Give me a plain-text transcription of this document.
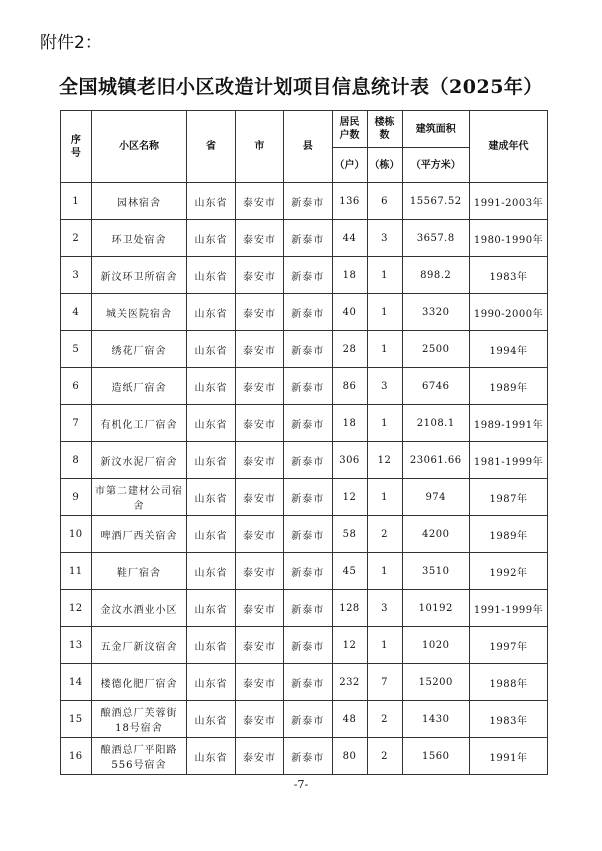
附件2：
全国城镇老旧小区改造计划项目信息统计表（2025年）
序号	小区名称	省	市	县	居民户数	楼栋数	建筑面积	建成年代
					（户）	（栋）	（平方米）	
1	园林宿舍	山东省	泰安市	新泰市	136	6	15567.52	1991-2003年
2	环卫处宿舍	山东省	泰安市	新泰市	44	3	3657.8	1980-1990年
3	新汶环卫所宿舍	山东省	泰安市	新泰市	18	1	898.2	1983年
4	城关医院宿舍	山东省	泰安市	新泰市	40	1	3320	1990-2000年
5	绣花厂宿舍	山东省	泰安市	新泰市	28	1	2500	1994年
6	造纸厂宿舍	山东省	泰安市	新泰市	86	3	6746	1989年
7	有机化工厂宿舍	山东省	泰安市	新泰市	18	1	2108.1	1989-1991年
8	新汶水泥厂宿舍	山东省	泰安市	新泰市	306	12	23061.66	1981-1999年
9	市第二建材公司宿舍	山东省	泰安市	新泰市	12	1	974	1987年
10	啤酒厂西关宿舍	山东省	泰安市	新泰市	58	2	4200	1989年
11	鞋厂宿舍	山东省	泰安市	新泰市	45	1	3510	1992年
12	金汶水酒业小区	山东省	泰安市	新泰市	128	3	10192	1991-1999年
13	五金厂新汶宿舍	山东省	泰安市	新泰市	12	1	1020	1997年
14	楼德化肥厂宿舍	山东省	泰安市	新泰市	232	7	15200	1988年
15	酿酒总厂芙蓉街18号宿舍	山东省	泰安市	新泰市	48	2	1430	1983年
16	酿酒总厂平阳路556号宿舍	山东省	泰安市	新泰市	80	2	1560	1991年
-7-
